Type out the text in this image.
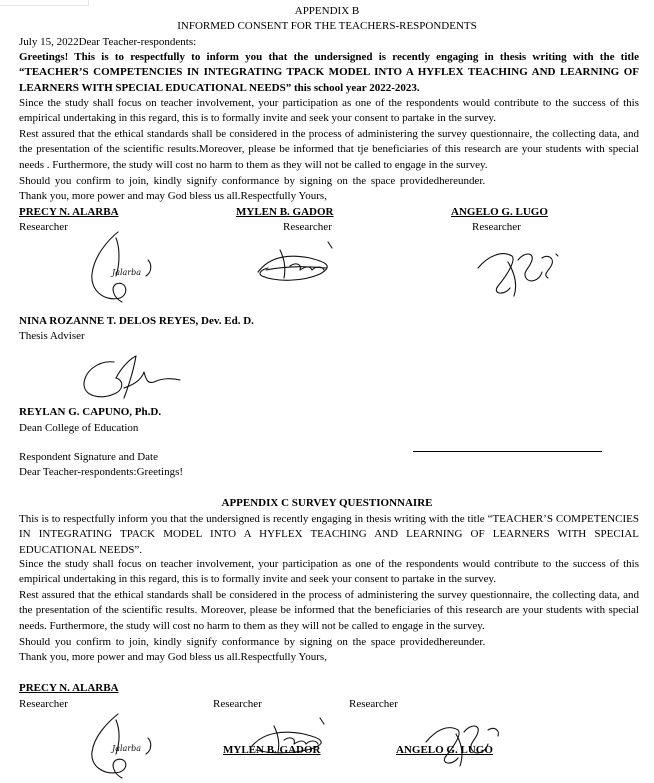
APPENDIX B
INFORMED CONSENT FOR THE TEACHERS-RESPONDENTS
July 15, 2022Dear Teacher-respondents:
Greetings! This is to respectfully to inform you that the undersigned is recently engaging in thesis writing with the title “TEACHER’S COMPETENCIES IN INTEGRATING TPACK MODEL INTO A HYFLEX TEACHING AND LEARNING OF LEARNERS WITH SPECIAL EDUCATIONAL NEEDS” this school year 2022-2023.
Since the study shall focus on teacher involvement, your participation as one of the respondents would contribute to the success of this empirical undertaking in this regard, this is to formally invite and seek your consent to partake in the survey.
Rest assured that the ethical standards shall be considered in the process of administering the survey questionnaire, the collecting data, and the presentation of the scientific results.Moreover, please be informed that tje beneficiaries of this research are your students with special needs . Furthermore, the study will cost no harm to them as they will not be called to engage in the survey.
Should you confirm to join, kindly signify conformance by signing on the space providedhereunder.
Thank you, more power and may God bless us all.Respectfully Yours,
PRECY N. ALARBA
Researcher
MYLEN B. GADOR
Researcher
ANGELO G. LUGO
Researcher
Jalarba
NINA ROZANNE T. DELOS REYES, Dev. Ed. D.
Thesis Adviser
REYLAN G. CAPUNO, Ph.D.
Dean College of Education
Respondent Signature and Date
Dear Teacher-respondents:Greetings!
APPENDIX C SURVEY QUESTIONNAIRE
This is to respectfully inform you that the undersigned is recently engaging in thesis writing with the title “TEACHER’S COMPETENCIES IN INTEGRATING TPACK MODEL INTO A HYFLEX TEACHING AND LEARNING OF LEARNERS WITH SPECIAL EDUCATIONAL NEEDS”.
Since the study shall focus on teacher involvement, your participation as one of the respondents would contribute to the success of this empirical undertaking in this regard, this is to formally invite and seek your consent to partake in the survey.
Rest assured that the ethical standards shall be considered in the process of administering the survey questionnaire, the collecting data, and the presentation of the scientific results. Moreover, please be informed that the beneficiaries of this research are your students with special needs. Furthermore, the study will cost no harm to them as they will not be called to engage in the survey.
Should you confirm to join, kindly signify conformance by signing on the space providedhereunder.
Thank you, more power and may God bless us all.Respectfully Yours,
PRECY N. ALARBA
Researcher	Researcher	Researcher
Jalarba	MYLEN B. GADOR	ANGELO G. LUGO
